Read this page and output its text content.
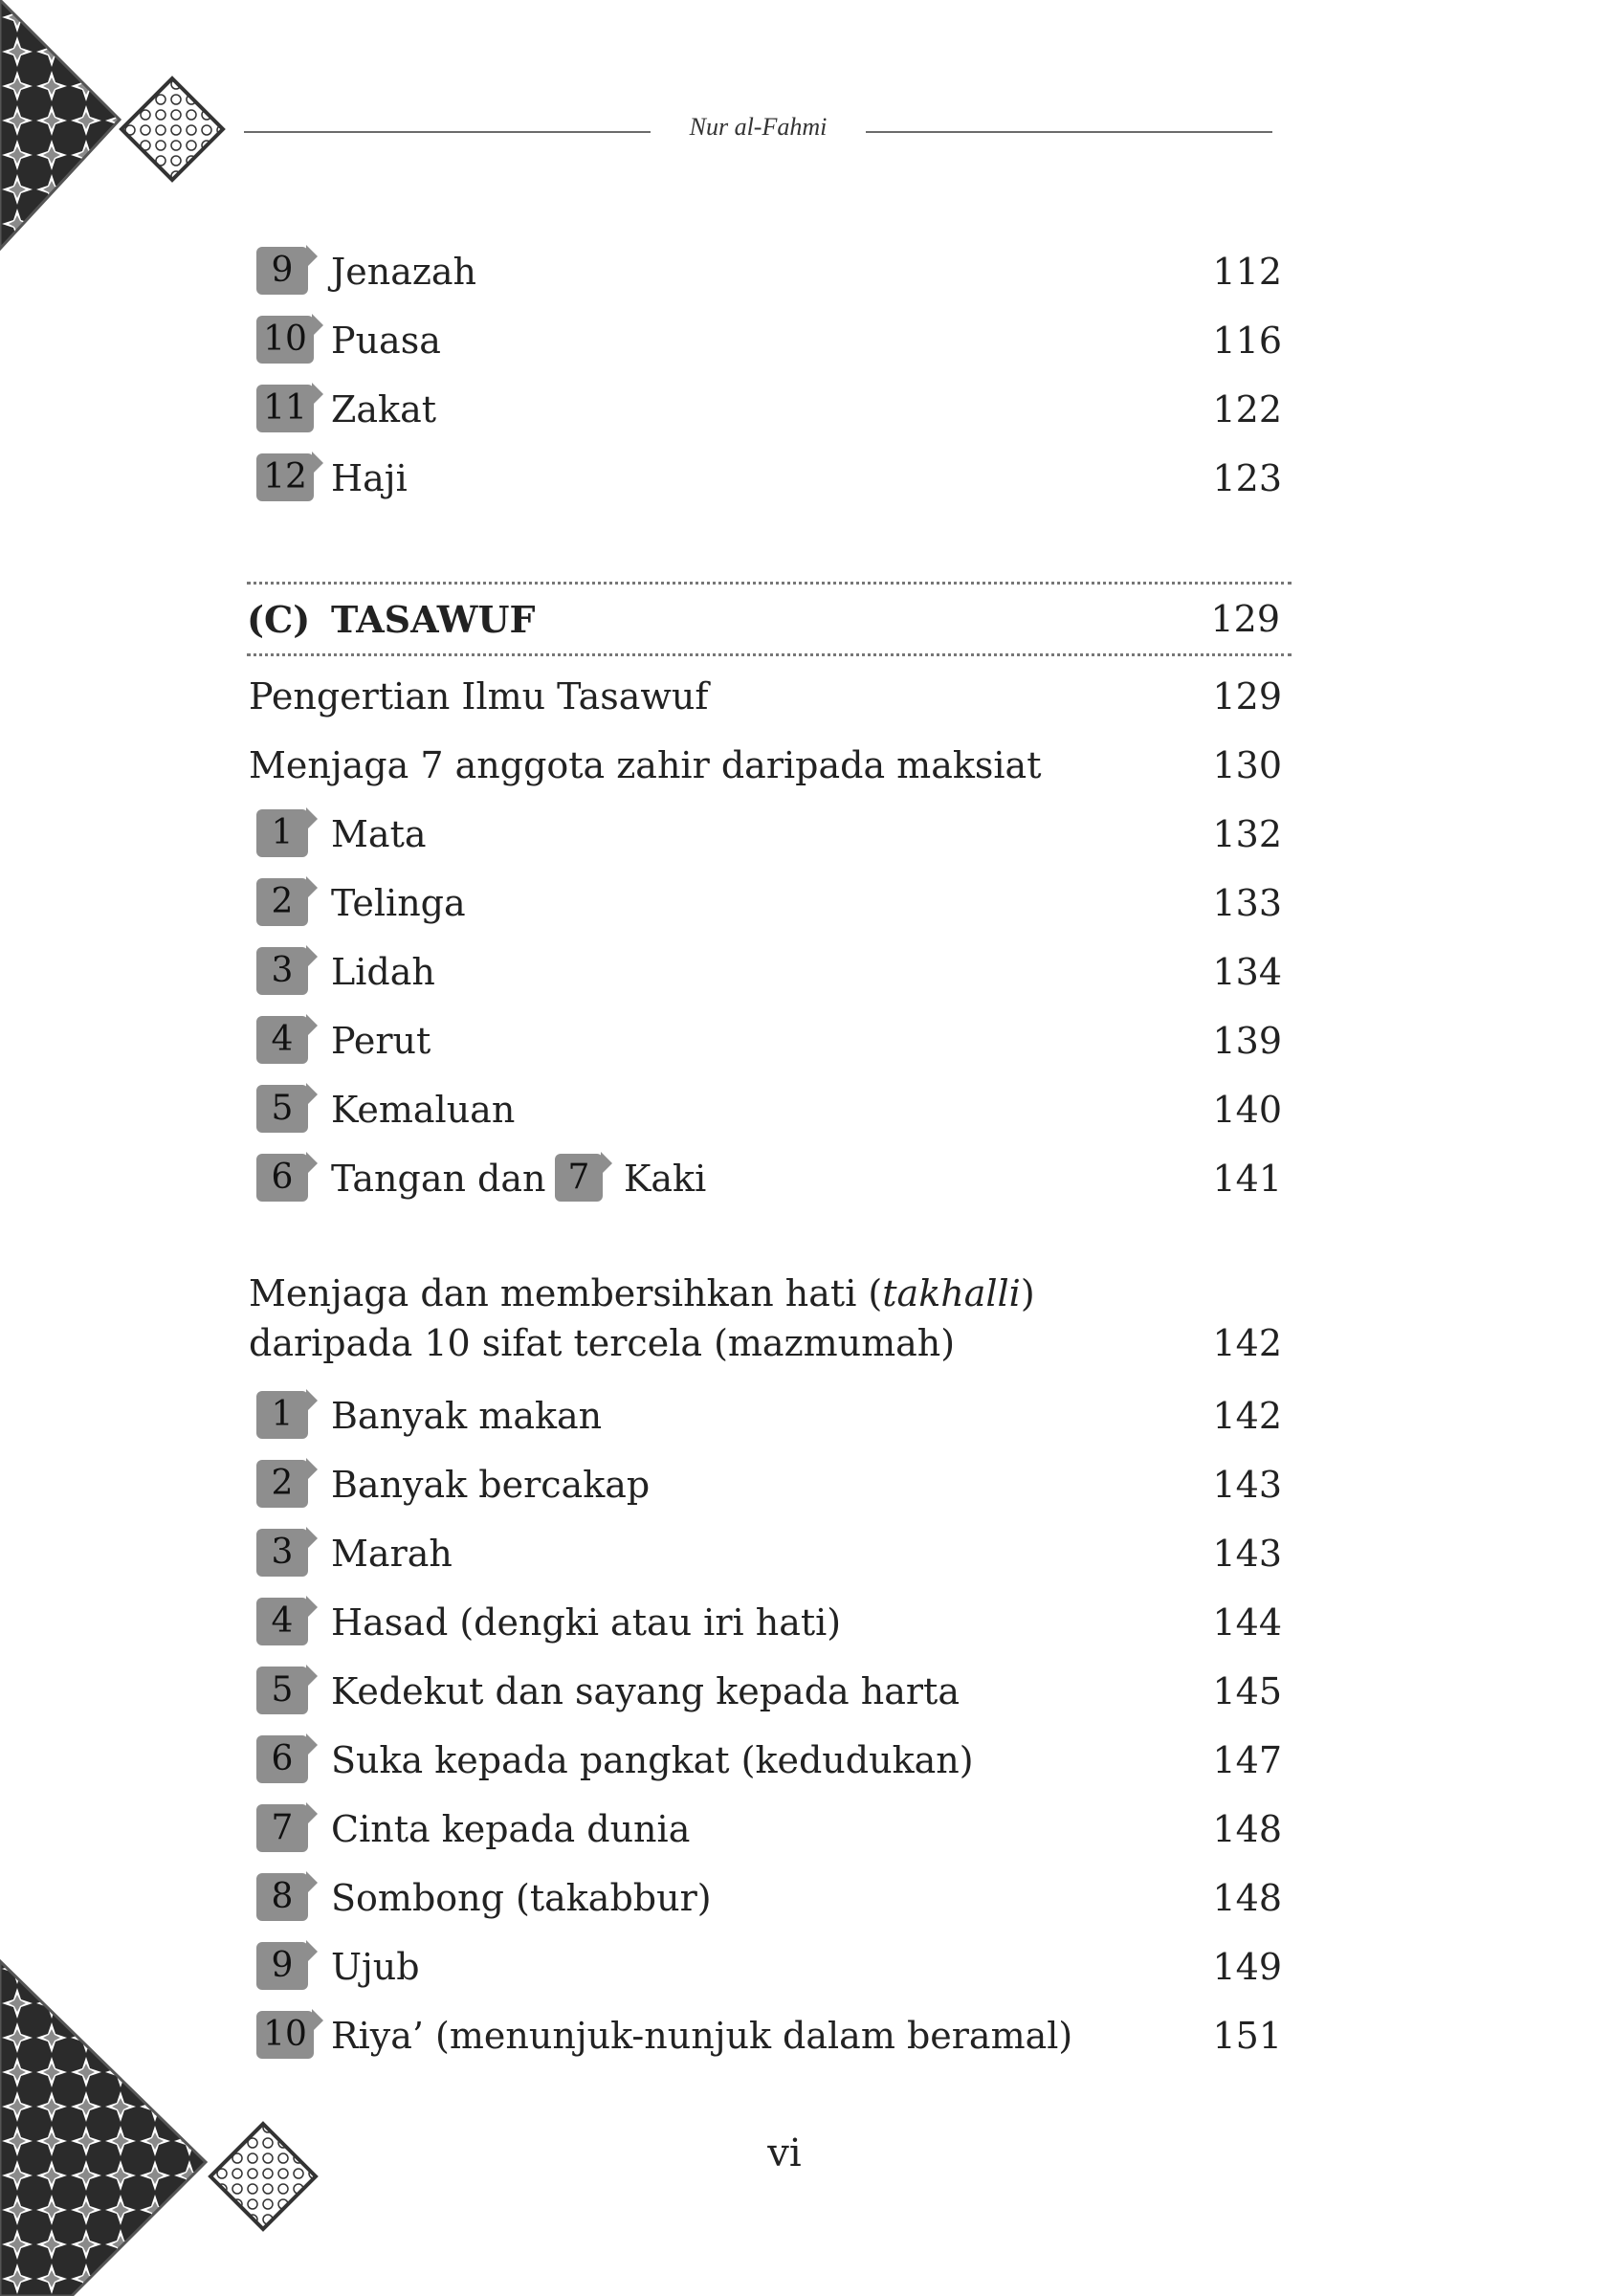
Nur al-Fahmi
9	Jenazah	112
10 Puasa	116
11 Zakat	122
12 Haji	123
(C) TASAWUF	129
Pengertian Ilmu Tasawuf	129
Menjaga 7 anggota zahir daripada maksiat	130
1	Mata	132
2	Telinga	133
3	Lidah	134
4	Perut	139
5	Kemaluan	140
6	Tangan dan 7 Kaki	141
Menjaga dan membersihkan hati (takhalli)
daripada 10 sifat tercela (mazmumah)	142
1	Banyak makan	142
2	Banyak bercakap	143
3	Marah	143
4	Hasad (dengki atau iri hati)	144
5	Kedekut dan sayang kepada harta	145
6	Suka kepada pangkat (kedudukan)	147
7	Cinta kepada dunia	148
8	Sombong (takabbur)	148
9	Ujub	149
10 Riya’ (menunjuk-nunjuk dalam beramal)	151
vi
